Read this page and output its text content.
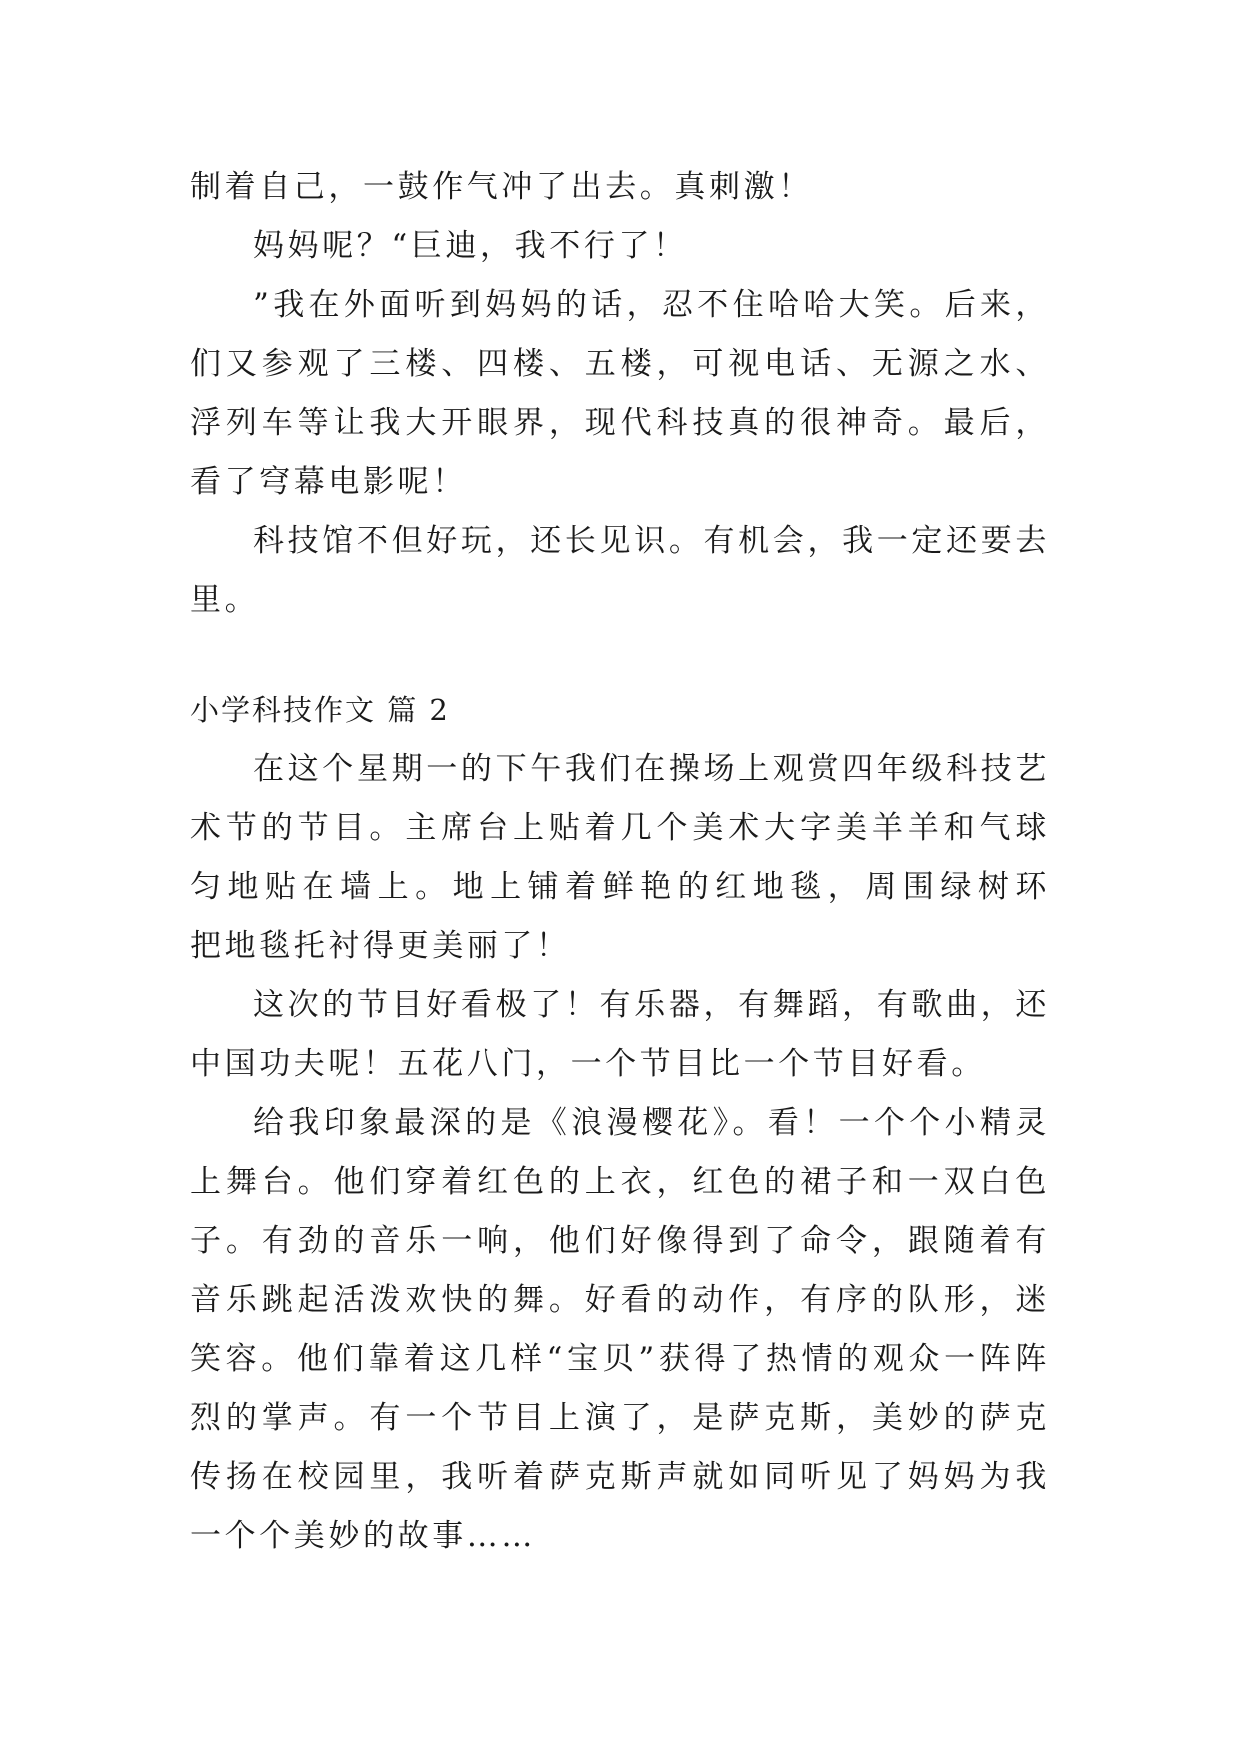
制着自己，一鼓作气冲了出去。真刺激！
妈妈呢？“巨迪，我不行了！
”我在外面听到妈妈的话，忍不住哈哈大笑。后来，
们又参观了三楼、四楼、五楼，可视电话、无源之水、
浮列车等让我大开眼界，现代科技真的很神奇。最后，
看了穹幕电影呢！
科技馆不但好玩，还长见识。有机会，我一定还要去
里。
小学科技作文 篇 2
在这个星期一的下午我们在操场上观赏四年级科技艺
术节的节目。主席台上贴着几个美术大字美羊羊和气球
匀地贴在墙上。地上铺着鲜艳的红地毯，周围绿树环
把地毯托衬得更美丽了！
这次的节目好看极了！有乐器，有舞蹈，有歌曲，还
中国功夫呢！五花八门，一个节目比一个节目好看。
给我印象最深的是《浪漫樱花》。看！一个个小精灵
上舞台。他们穿着红色的上衣，红色的裙子和一双白色
子。有劲的音乐一响，他们好像得到了命令，跟随着有
音乐跳起活泼欢快的舞。好看的动作，有序的队形，迷
笑容。他们靠着这几样“宝贝”获得了热情的观众一阵阵
烈的掌声。有一个节目上演了，是萨克斯，美妙的萨克
传扬在校园里，我听着萨克斯声就如同听见了妈妈为我
一个个美妙的故事……
